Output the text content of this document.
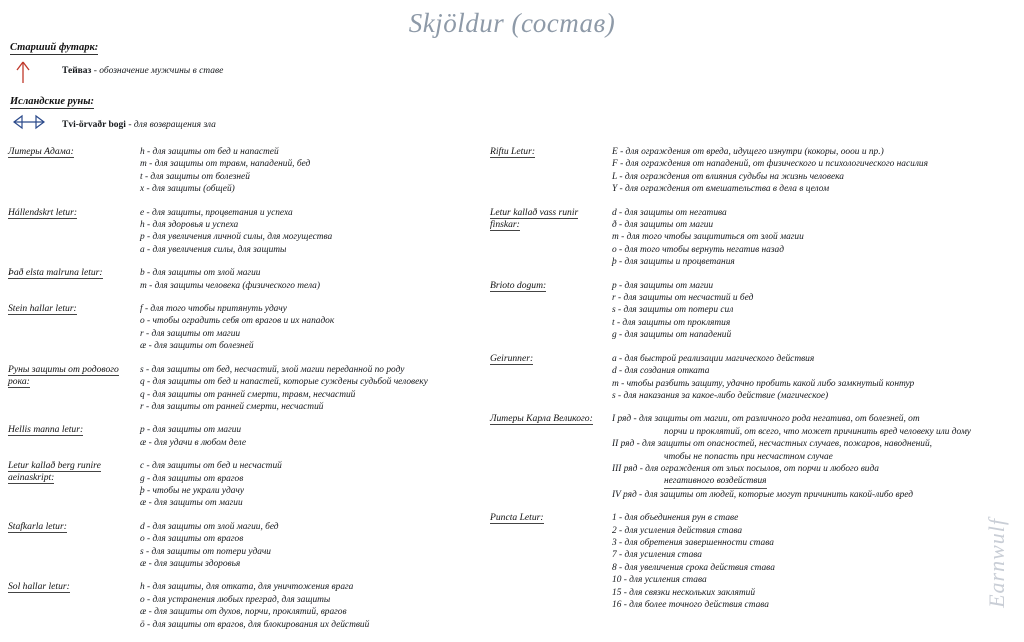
Skjöldur (состав)
Earnwulf
Старший футарк:
Тейваз - обозначение мужчины в ставе
Исландские руны:
Tvi-örvaðr bogi - для возвращения зла
Литеры Адама:	h - для защиты от бед и напастей
m - для защиты от травм, нападений, бед
t - для защиты от болезней
x - для защиты (общей)
Hállendskrt letur:	e - для защиты, процветания и успеха
h - для здоровья и успеха
p - для увеличения личной силы, для могущества
a - для увеличения силы, для защиты
Það elsta malruna letur:	b - для защиты от злой магии
m - для защиты человека (физического тела)
Stein hallar letur:	f - для того чтобы притянуть удачу
o - чтобы оградить себя от врагов и их нападок
r - для защиты от магии
æ - для защиты от болезней
Руны защиты от родового
рока:

s - для защиты от бед, несчастий, злой магии переданной по роду
q - для защиты от бед и напастей, которые суждены судьбой человеку
q - для защиты от ранней смерти, травм, несчастий
r - для защиты от ранней смерти, несчастий
Hellis manna letur:	p - для защиты от магии
æ - для удачи в любом деле
Letur kallað berg runire
aeinaskript:

c - для защиты от бед и несчастий
g - для защиты от врагов
þ - чтобы не украли удачу
æ - для защиты от магии
Stafkarla letur:	d - для защиты от злой магии, бед
o - для защиты от врагов
s - для защиты от потери удачи
æ - для защиты здоровья
Sol hallar letur:	h - для защиты, для отката, для уничтожения врага
o - для устранения любых преград, для защиты
æ - для защиты от духов, порчи, проклятий, врагов
ö - для защиты от врагов, для блокирования их действий
Riftu Letur:	E - для ограждения от вреда, идущего изнутри (кокоры, ооои и пр.)
F - для ограждения от нападений, от физического и психологического насилия
L - для ограждения от влияния судьбы на жизнь человека
Y - для ограждения от вмешательства в дела в целом
Letur kallað vass runir
finskar:

d - для защиты от негатива
ð - для защиты от магии
m - для того чтобы защититься от злой магии
o - для того чтобы вернуть негатив назад
þ - для защиты и процветания
Brioto dogum:	p - для защиты от магии
r - для защиты от несчастий и бед
s - для защиты от потери сил
t - для защиты от проклятия
g - для защиты от нападений
Geirunner:	a - для быстрой реализации магического действия
d - для создания отката
m - чтобы разбить защиту, удачно пробить какой либо замкнутый контур
s - для наказания за какое-либо действие (магическое)
Литеры Карла Великого:	I ряд - для защиты от магии, от различного рода негатива, от болезней, от
порчи и проклятий, от всего, что может причинить вред человеку или дому
II ряд - для защиты от опасностей, несчастных случаев, пожаров, наводнений,
чтобы не попасть при несчастном случае
III ряд - для ограждения от злых посылов, от порчи и любого вида
негативного воздействия
IV ряд - для защиты от людей, которые могут причинить какой-либо вред
Puncta Letur:	1 - для объединения рун в ставе
2 - для усиления действия става
3 - для обретения завершенности става
7 - для усиления става
8 - для увеличения срока действия става
10 - для усиления става
15 - для связки нескольких заклятий
16 - для более точного действия става
